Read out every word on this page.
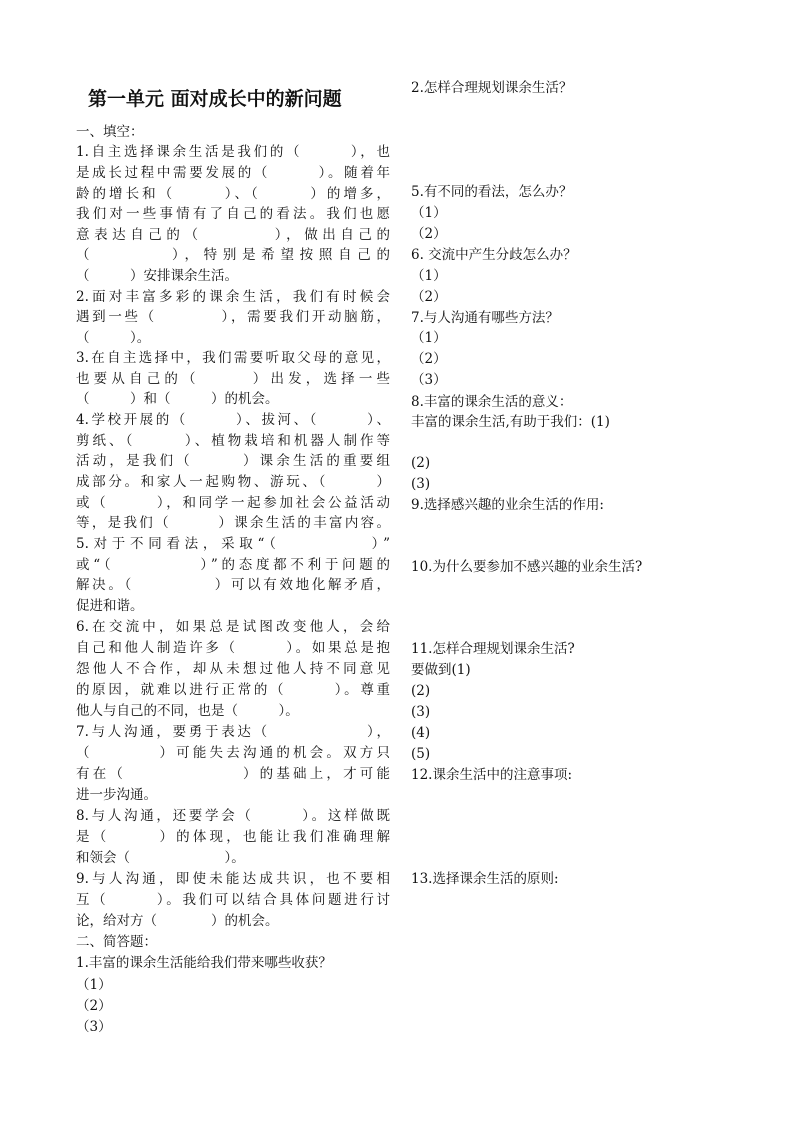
第一单元 面对成长中的新问题
一、填空：
1.自主选择课余生活是我们的（　　　），也
是成长过程中需要发展的（　　　）。随着年
龄的增长和（　　　）、（　　　）的增多，
我们对一些事情有了自己的看法。我们也愿
意表达自己的（　　　　），做出自己的
（　　　　），特别是希望按照自己的
（　　　）安排课余生活。
2.面对丰富多彩的课余生活，我们有时候会
遇到一些（　　　　），需要我们开动脑筋，
（　　　）。
3.在自主选择中，我们需要听取父母的意见，
也要从自己的（　　　）出发，选择一些
（　　　）和（　　　）的机会。
4.学校开展的（　　　）、拔河、（　　　）、
剪纸、（　　　）、植物栽培和机器人制作等
活动，是我们（　　　）课余生活的重要组
成部分。和家人一起购物、游玩、（　　　）
或（　　　），和同学一起参加社会公益活动
等，是我们（　　　）课余生活的丰富内容。
5.对于不同看法，采取“（　　　　　）”
或“（　　　　　）”的态度都不利于问题的
解决。（　　　　　）可以有效地化解矛盾，
促进和谐。
6.在交流中，如果总是试图改变他人，会给
自己和他人制造许多（　　　）。如果总是抱
怨他人不合作，却从未想过他人持不同意见
的原因，就难以进行正常的（　　　）。尊重
他人与自己的不同，也是（　　　）。
7.与人沟通，要勇于表达（　　　　　　），
（　　　　）可能失去沟通的机会。双方只
有在（　　　　　　　）的基础上，才可能
进一步沟通。
8.与人沟通，还要学会（　　　）。这样做既
是（　　　）的体现，也能让我们准确理解
和领会（　　　　　　　）。
9.与人沟通，即使未能达成共识，也不要相
互（　　　）。我们可以结合具体问题进行讨
论，给对方（　　　　）的机会。
二、简答题：
1.丰富的课余生活能给我们带来哪些收获？
（1）
（2）
（3）
2.怎样合理规划课余生活？
5.有不同的看法，怎么办？
（1）
（2）
6. 交流中产生分歧怎么办？
（1）
（2）
7.与人沟通有哪些方法？
（1）
（2）
（3）
8.丰富的课余生活的意义：
丰富的课余生活,有助于我们：(1)
(2)
(3)
9.选择感兴趣的业余生活的作用:
10.为什么要参加不感兴趣的业余生活?
11.怎样合理规划课余生活?
要做到(1)
(2)
(3)
(4)
(5)
12.课余生活中的注意事项:
13.选择课余生活的原则:
